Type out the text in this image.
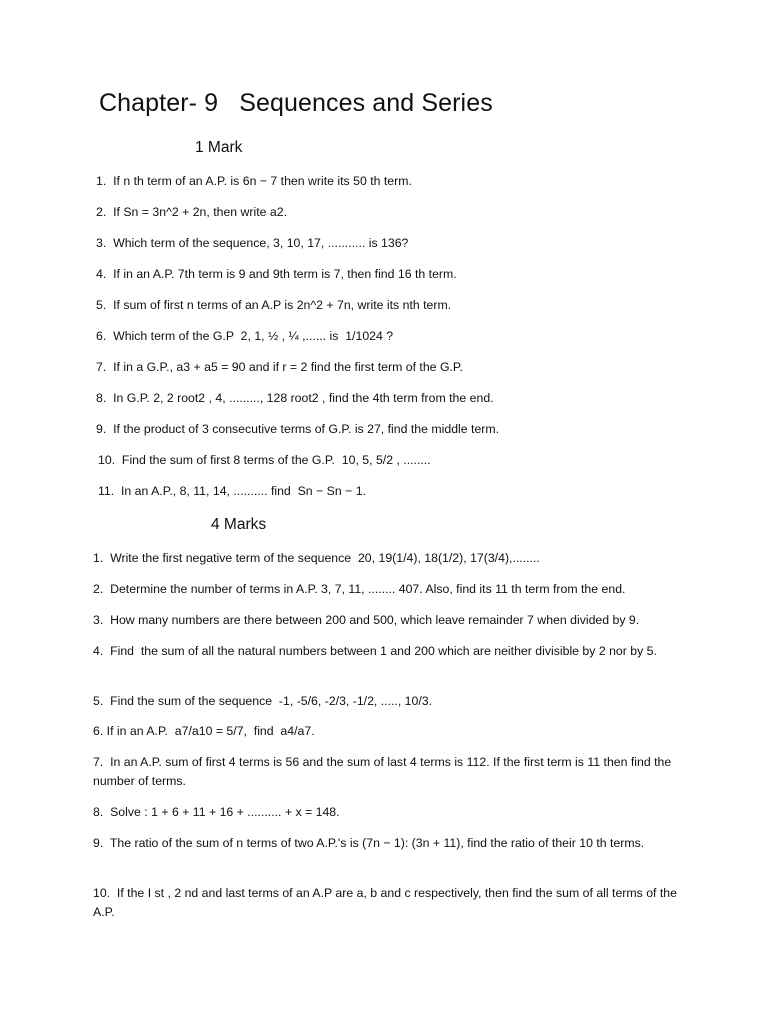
Chapter- 9   Sequences and Series
1 Mark
1.  If n th term of an A.P. is 6n − 7 then write its 50 th term.
2.  If Sn = 3n^2 + 2n, then write a2.
3.  Which term of the sequence, 3, 10, 17, ........... is 136?
4.  If in an A.P. 7th term is 9 and 9th term is 7, then find 16 th term.
5.  If sum of first n terms of an A.P is 2n^2 + 7n, write its nth term.
6.  Which term of the G.P  2, 1, ½ , ¼ ,...... is  1/1024 ?
7.  If in a G.P., a3 + a5 = 90 and if r = 2 find the first term of the G.P.
8.  In G.P. 2, 2 root2 , 4, ........., 128 root2 , find the 4th term from the end.
9.  If the product of 3 consecutive terms of G.P. is 27, find the middle term.
10.  Find the sum of first 8 terms of the G.P.  10, 5, 5/2 , ........
11.  In an A.P., 8, 11, 14, .......... find  Sn − Sn − 1.
4 Marks
1.  Write the first negative term of the sequence  20, 19(1/4), 18(1/2), 17(3/4),........
2.  Determine the number of terms in A.P. 3, 7, 11, ........ 407. Also, find its 11 th term from the end.
3.  How many numbers are there between 200 and 500, which leave remainder 7 when divided by 9.
4.  Find  the sum of all the natural numbers between 1 and 200 which are neither divisible by 2 nor by 5.
5.  Find the sum of the sequence  -1, -5/6, -2/3, -1/2, ....., 10/3.
6. If in an A.P.  a7/a10 = 5/7,  find  a4/a7.
7.  In an A.P. sum of first 4 terms is 56 and the sum of last 4 terms is 112. If the first term is 11 then find the number of terms.
8.  Solve : 1 + 6 + 11 + 16 + .......... + x = 148.
9.  The ratio of the sum of n terms of two A.P.'s is (7n − 1): (3n + 11), find the ratio of their 10 th terms.
10.  If the I st , 2 nd and last terms of an A.P are a, b and c respectively, then find the sum of all terms of the A.P.
